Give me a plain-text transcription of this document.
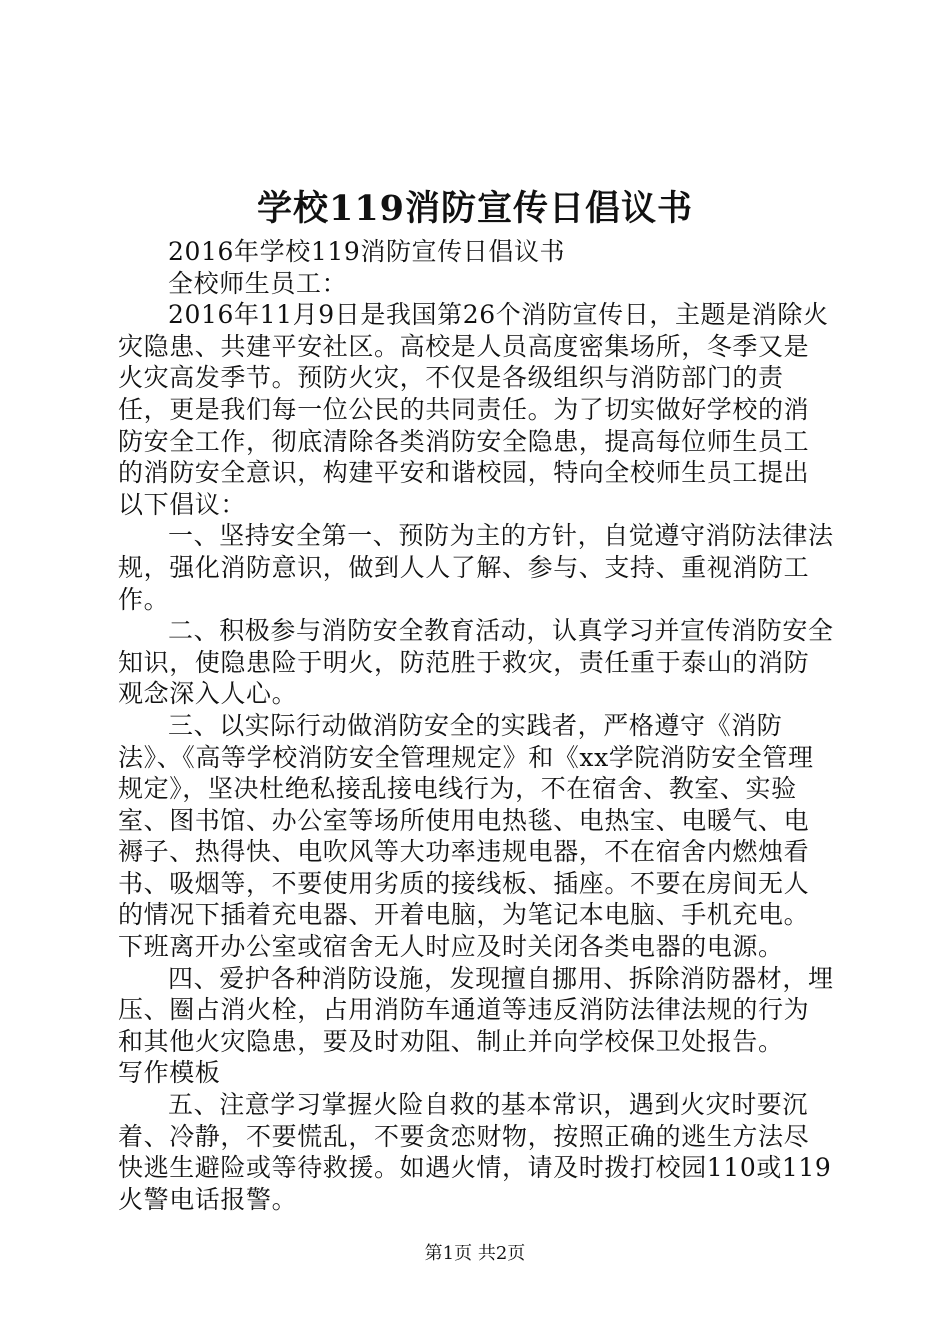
学校119消防宣传日倡议书

2016年学校119消防宣传日倡议书

全校师生员工：

2016年11月9日是我国第26个消防宣传日，主题是消除火灾隐患、共建平安社区。高校是人员高度密集场所，冬季又是火灾高发季节。预防火灾，不仅是各级组织与消防部门的责任，更是我们每一位公民的共同责任。为了切实做好学校的消防安全工作，彻底清除各类消防安全隐患，提高每位师生员工的消防安全意识，构建平安和谐校园，特向全校师生员工提出以下倡议：

一、坚持安全第一、预防为主的方针，自觉遵守消防法律法规，强化消防意识，做到人人了解、参与、支持、重视消防工作。

二、积极参与消防安全教育活动，认真学习并宣传消防安全知识，使隐患险于明火，防范胜于救灾，责任重于泰山的消防观念深入人心。

三、以实际行动做消防安全的实践者，严格遵守《消防法》、《高等学校消防安全管理规定》和《xx学院消防安全管理规定》，坚决杜绝私接乱接电线行为，不在宿舍、教室、实验室、图书馆、办公室等场所使用电热毯、电热宝、电暖气、电褥子、热得快、电吹风等大功率违规电器，不在宿舍内燃烛看书、吸烟等，不要使用劣质的接线板、插座。不要在房间无人的情况下插着充电器、开着电脑，为笔记本电脑、手机充电。下班离开办公室或宿舍无人时应及时关闭各类电器的电源。

四、爱护各种消防设施，发现擅自挪用、拆除消防器材，埋压、圈占消火栓，占用消防车通道等违反消防法律法规的行为和其他火灾隐患，要及时劝阻、制止并向学校保卫处报告。

写作模板

五、注意学习掌握火险自救的基本常识，遇到火灾时要沉着、冷静，不要慌乱，不要贪恋财物，按照正确的逃生方法尽快逃生避险或等待救援。如遇火情，请及时拨打校园110或119火警电话报警。

第1页 共2页
